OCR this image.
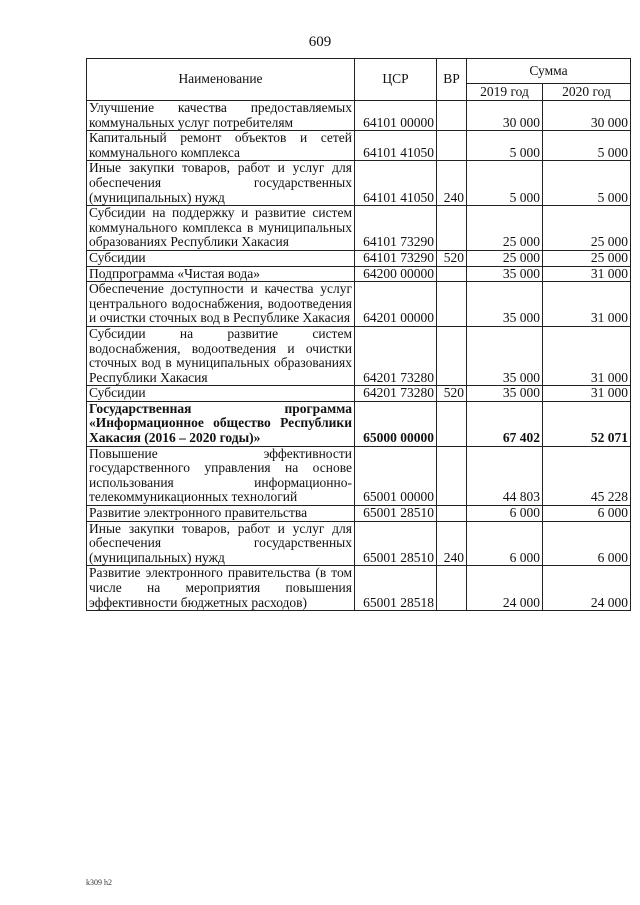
609
Наименование	ЦСР	ВР	Сумма	
			2019 год	2020 год
Улучшение качества предоставляемых коммунальных услуг потребителям	64101 00000		30 000	30 000
Капитальный ремонт объектов и сетей коммунального комплекса	64101 41050		5 000	5 000
Иные закупки товаров, работ и услуг для обеспечения государственных (муниципальных) нужд	64101 41050	240	5 000	5 000
Субсидии на поддержку и развитие систем коммунального комплекса в муниципальных образованиях Республики Хакасия	64101 73290		25 000	25 000
Субсидии	64101 73290	520	25 000	25 000
Подпрограмма «Чистая вода»	64200 00000		35 000	31 000
Обеспечение доступности и качества услуг центрального водоснабжения, водоотведения и очистки сточных вод в Республике Хакасия	64201 00000		35 000	31 000
Субсидии на развитие систем водоснабжения, водоотведения и очистки сточных вод в муниципальных образованиях Республики Хакасия	64201 73280		35 000	31 000
Субсидии	64201 73280	520	35 000	31 000
Государственная программа «Информационное общество Республики Хакасия (2016 – 2020 годы)»	65000 00000		67 402	52 071
Повышение эффективности государственного управления на основе использования информационно-телекоммуникационных технологий	65001 00000		44 803	45 228
Развитие электронного правительства	65001 28510		6 000	6 000
Иные закупки товаров, работ и услуг для обеспечения государственных (муниципальных) нужд	65001 28510	240	6 000	6 000
Развитие электронного правительства (в том числе на мероприятия повышения эффективности бюджетных расходов)	65001 28518		24 000	24 000
k309 h2
